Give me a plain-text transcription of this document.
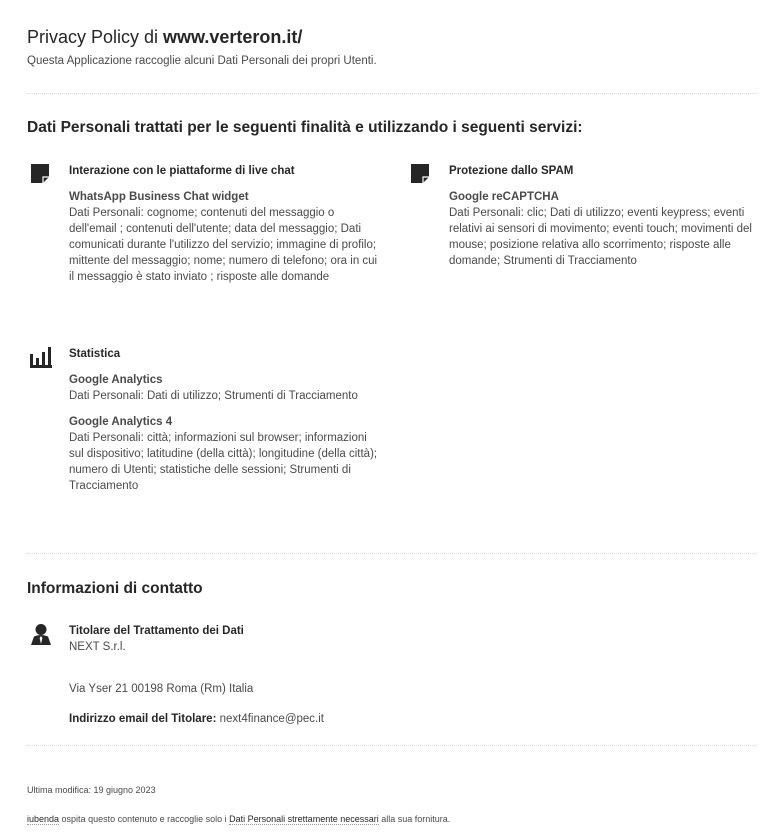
Privacy Policy di www.verteron.it/
Questa Applicazione raccoglie alcuni Dati Personali dei propri Utenti.
Dati Personali trattati per le seguenti finalità e utilizzando i seguenti servizi:
Interazione con le piattaforme di live chat
WhatsApp Business Chat widget
Dati Personali: cognome; contenuti del messaggio o dell'email ; contenuti dell'utente; data del messaggio; Dati comunicati durante l'utilizzo del servizio; immagine di profilo; mittente del messaggio; nome; numero di telefono; ora in cui il messaggio è stato inviato ; risposte alle domande
Protezione dallo SPAM
Google reCAPTCHA
Dati Personali: clic; Dati di utilizzo; eventi keypress; eventi relativi ai sensori di movimento; eventi touch; movimenti del mouse; posizione relativa allo scorrimento; risposte alle domande; Strumenti di Tracciamento
Statistica
Google Analytics
Dati Personali: Dati di utilizzo; Strumenti di Tracciamento
Google Analytics 4
Dati Personali: città; informazioni sul browser; informazioni sul dispositivo; latitudine (della città); longitudine (della città); numero di Utenti; statistiche delle sessioni; Strumenti di Tracciamento
Informazioni di contatto
Titolare del Trattamento dei Dati
NEXT S.r.l.
Via Yser 21 00198 Roma (Rm) Italia
Indirizzo email del Titolare: next4finance@pec.it
Ultima modifica: 19 giugno 2023
iubenda ospita questo contenuto e raccoglie solo i Dati Personali strettamente necessari alla sua fornitura.
